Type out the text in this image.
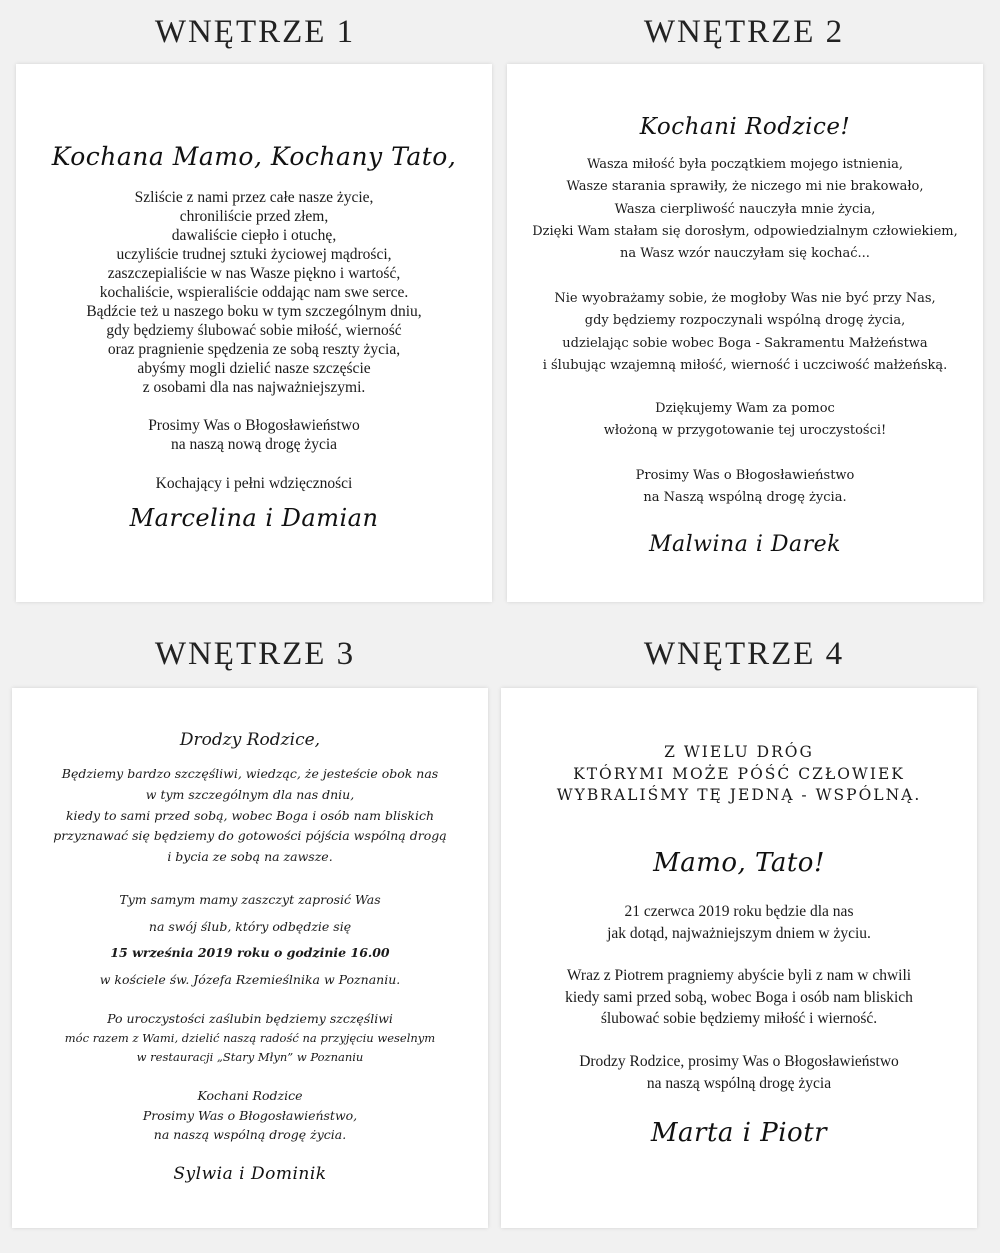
WNĘTRZE 1	WNĘTRZE 2
WNĘTRZE 3	WNĘTRZE 4
Kochana Mamo, Kochany Tato,
Szliście z nami przez całe nasze życie,
chroniliście przed złem,
dawaliście ciepło i otuchę,
uczyliście trudnej sztuki życiowej mądrości,
zaszczepialiście w nas Wasze piękno i wartość,
kochaliście, wspieraliście oddając nam swe serce.
Bądźcie też u naszego boku w tym szczególnym dniu,
gdy będziemy ślubować sobie miłość, wierność
oraz pragnienie spędzenia ze sobą reszty życia,
abyśmy mogli dzielić nasze szczęście
z osobami dla nas najważniejszymi.
Prosimy Was o Błogosławieństwo
na naszą nową drogę życia
Kochający i pełni wdzięczności
Marcelina i Damian
Kochani Rodzice!
Wasza miłość była początkiem mojego istnienia,
Wasze starania sprawiły, że niczego mi nie brakowało,
Wasza cierpliwość nauczyła mnie życia,
Dzięki Wam stałam się dorosłym, odpowiedzialnym człowiekiem,
na Wasz wzór nauczyłam się kochać...
Nie wyobrażamy sobie, że mogłoby Was nie być przy Nas,
gdy będziemy rozpoczynali wspólną drogę życia,
udzielając sobie wobec Boga - Sakramentu Małżeństwa
i ślubując wzajemną miłość, wierność i uczciwość małżeńską.
Dziękujemy Wam za pomoc
włożoną w przygotowanie tej uroczystości!
Prosimy Was o Błogosławieństwo
na Naszą wspólną drogę życia.
Malwina i Darek
Drodzy Rodzice,
Będziemy bardzo szczęśliwi, wiedząc, że jesteście obok nas
w tym szczególnym dla nas dniu,
kiedy to sami przed sobą, wobec Boga i osób nam bliskich
przyznawać się będziemy do gotowości pójścia wspólną drogą
i bycia ze sobą na zawsze.
Tym samym mamy zaszczyt zaprosić Was
na swój ślub, który odbędzie się
15 września 2019 roku o godzinie 16.00
w kościele św. Józefa Rzemieślnika w Poznaniu.
Po uroczystości zaślubin będziemy szczęśliwi
móc razem z Wami, dzielić naszą radość na przyjęciu weselnym
w restauracji „Stary Młyn” w Poznaniu
Kochani Rodzice
Prosimy Was o Błogosławieństwo,
na naszą wspólną drogę życia.
Sylwia i Dominik
Z WIELU DRÓG
KTÓRYMI MOŻE PÓŚĆ CZŁOWIEK
WYBRALIŚMY TĘ JEDNĄ - WSPÓLNĄ.
Mamo, Tato!
21 czerwca 2019 roku będzie dla nas
jak dotąd, najważniejszym dniem w życiu.
Wraz z Piotrem pragniemy abyście byli z nam w chwili
kiedy sami przed sobą, wobec Boga i osób nam bliskich
ślubować sobie będziemy miłość i wierność.
Drodzy Rodzice, prosimy Was o Błogosławieństwo
na naszą wspólną drogę życia
Marta i Piotr
